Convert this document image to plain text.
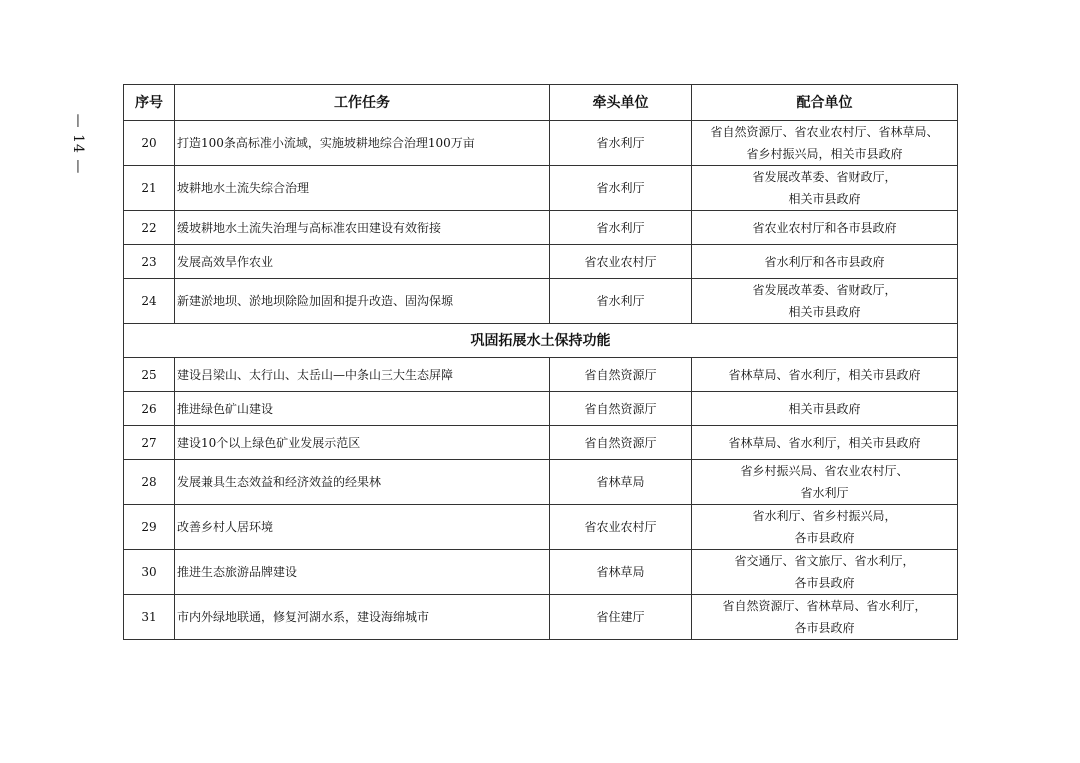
— 14 —
序号	工作任务	牵头单位	配合单位
20	打造100条高标准小流域，实施坡耕地综合治理100万亩	省水利厅	省自然资源厅、省农业农村厅、省林草局、
省乡村振兴局，相关市县政府

21	坡耕地水土流失综合治理	省水利厅	省发展改革委、省财政厅，
相关市县政府

22	缓坡耕地水土流失治理与高标准农田建设有效衔接	省水利厅	省农业农村厅和各市县政府
23	发展高效旱作农业	省农业农村厅	省水利厅和各市县政府
24	新建淤地坝、淤地坝除险加固和提升改造、固沟保塬	省水利厅	省发展改革委、省财政厅，
相关市县政府

巩固拓展水土保持功能			
25	建设吕梁山、太行山、太岳山—中条山三大生态屏障	省自然资源厅	省林草局、省水利厅，相关市县政府
26	推进绿色矿山建设	省自然资源厅	相关市县政府
27	建设10个以上绿色矿业发展示范区	省自然资源厅	省林草局、省水利厅，相关市县政府
28	发展兼具生态效益和经济效益的经果林	省林草局	省乡村振兴局、省农业农村厅、
省水利厅

29	改善乡村人居环境	省农业农村厅	省水利厅、省乡村振兴局，
各市县政府

30	推进生态旅游品牌建设	省林草局	省交通厅、省文旅厅、省水利厅，
各市县政府

31	市内外绿地联通，修复河湖水系，建设海绵城市	省住建厅	省自然资源厅、省林草局、省水利厅，
各市县政府
